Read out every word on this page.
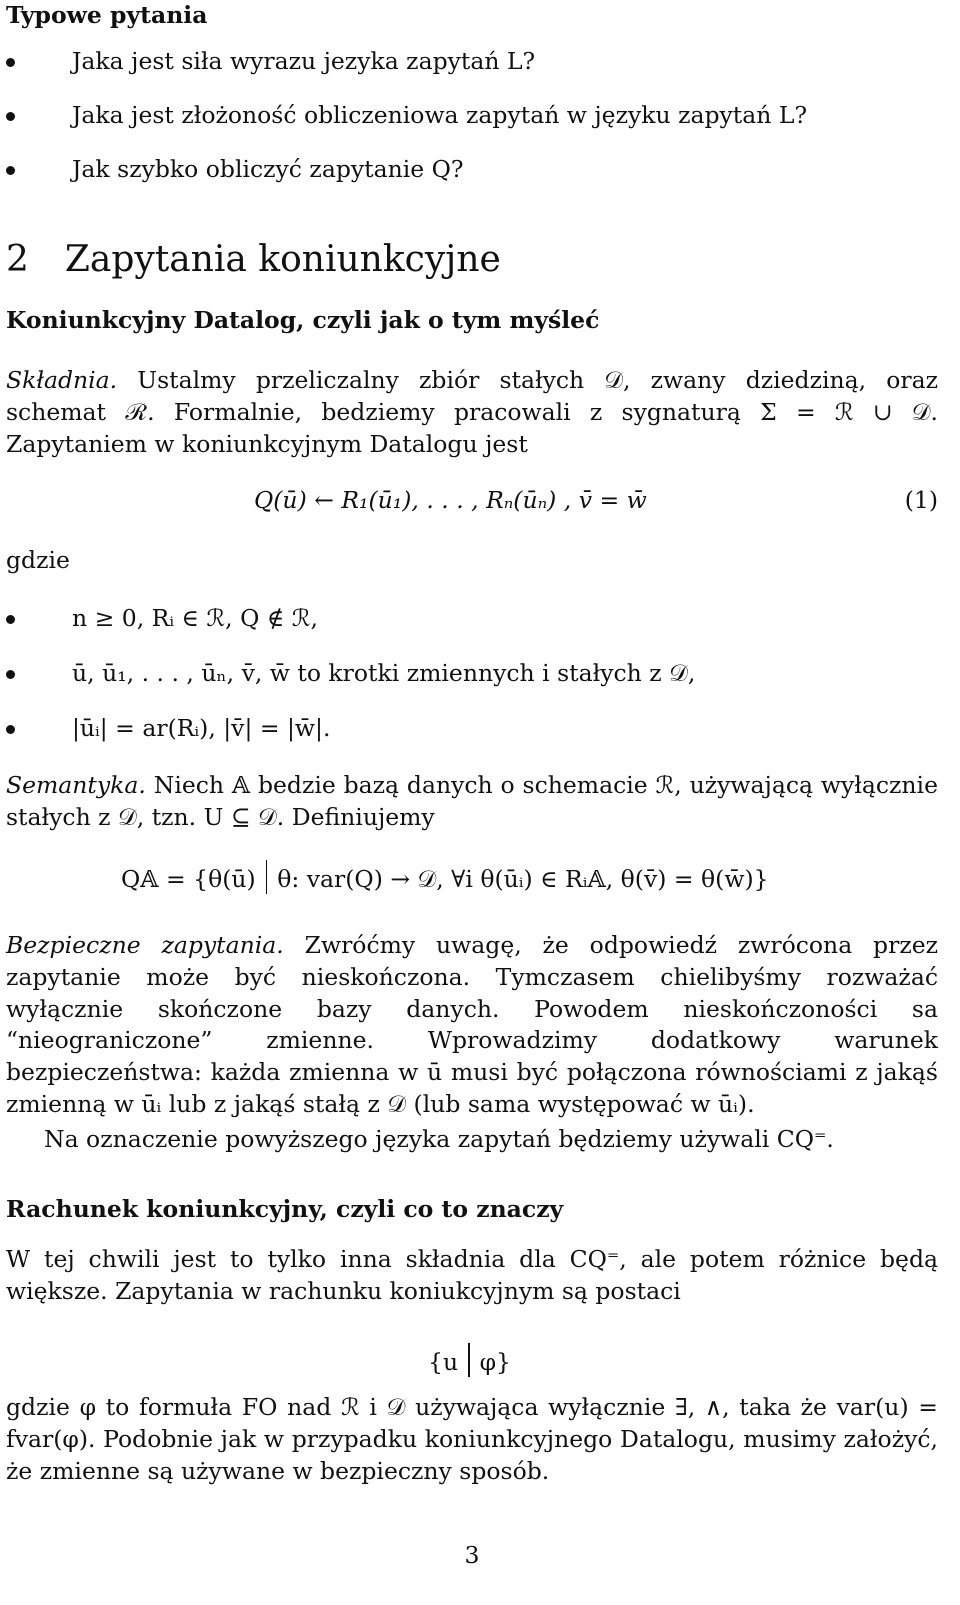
Typowe pytania
Jaka jest siła wyrazu jezyka zapytań L?
Jaka jest złożoność obliczeniowa zapytań w języku zapytań L?
Jak szybko obliczyć zapytanie Q?
2 Zapytania koniunkcyjne
Koniunkcyjny Datalog, czyli jak o tym myśleć
Składnia. Ustalmy przeliczalny zbiór stałych 𝒟, zwany dziedziną, oraz schemat ℛ. Formalnie, bedziemy pracowali z sygnaturą Σ = ℛ ∪ 𝒟. Zapytaniem w koniunkcyjnym Datalogu jest
Q(ū) ← R₁(ū₁), . . . , Rₙ(ūₙ) , v̄ = w̄	(1)
gdzie
n ≥ 0, Rᵢ ∈ ℛ, Q ∉ ℛ,
ū, ū₁, . . . , ūₙ, v̄, w̄ to krotki zmiennych i stałych z 𝒟,
|ūᵢ| = ar(Rᵢ), |v̄| = |w̄|.
Semantyka. Niech 𝔸 bedzie bazą danych o schemacie ℛ, używającą wyłącznie stałych z 𝒟, tzn. U ⊆ 𝒟. Definiujemy
Q𝔸 = {θ(ū) θ: var(Q) → 𝒟, ∀i θ(ūᵢ) ∈ Rᵢ𝔸, θ(v̄) = θ(w̄)}
Bezpieczne zapytania. Zwróćmy uwagę, że odpowiedź zwrócona przez zapytanie może być nieskończona. Tymczasem chielibyśmy rozważać wyłącznie skończone bazy danych. Powodem nieskończoności sa “nieograniczone” zmienne. Wprowadzimy dodatkowy warunek bezpieczeństwa: każda zmienna w ū musi być połączona równościami z jakąś zmienną w ūᵢ lub z jakąś stałą z 𝒟 (lub sama występować w ūᵢ).
Na oznaczenie powyższego języka zapytań będziemy używali CQ⁼.
Rachunek koniunkcyjny, czyli co to znaczy
W tej chwili jest to tylko inna składnia dla CQ⁼, ale potem różnice będą większe. Zapytania w rachunku koniukcyjnym są postaci
{u φ}
gdzie φ to formuła FO nad ℛ i 𝒟 używająca wyłącznie ∃, ∧, taka że var(u) = fvar(φ). Podobnie jak w przypadku koniunkcyjnego Datalogu, musimy założyć, że zmienne są używane w bezpieczny sposób.
3
